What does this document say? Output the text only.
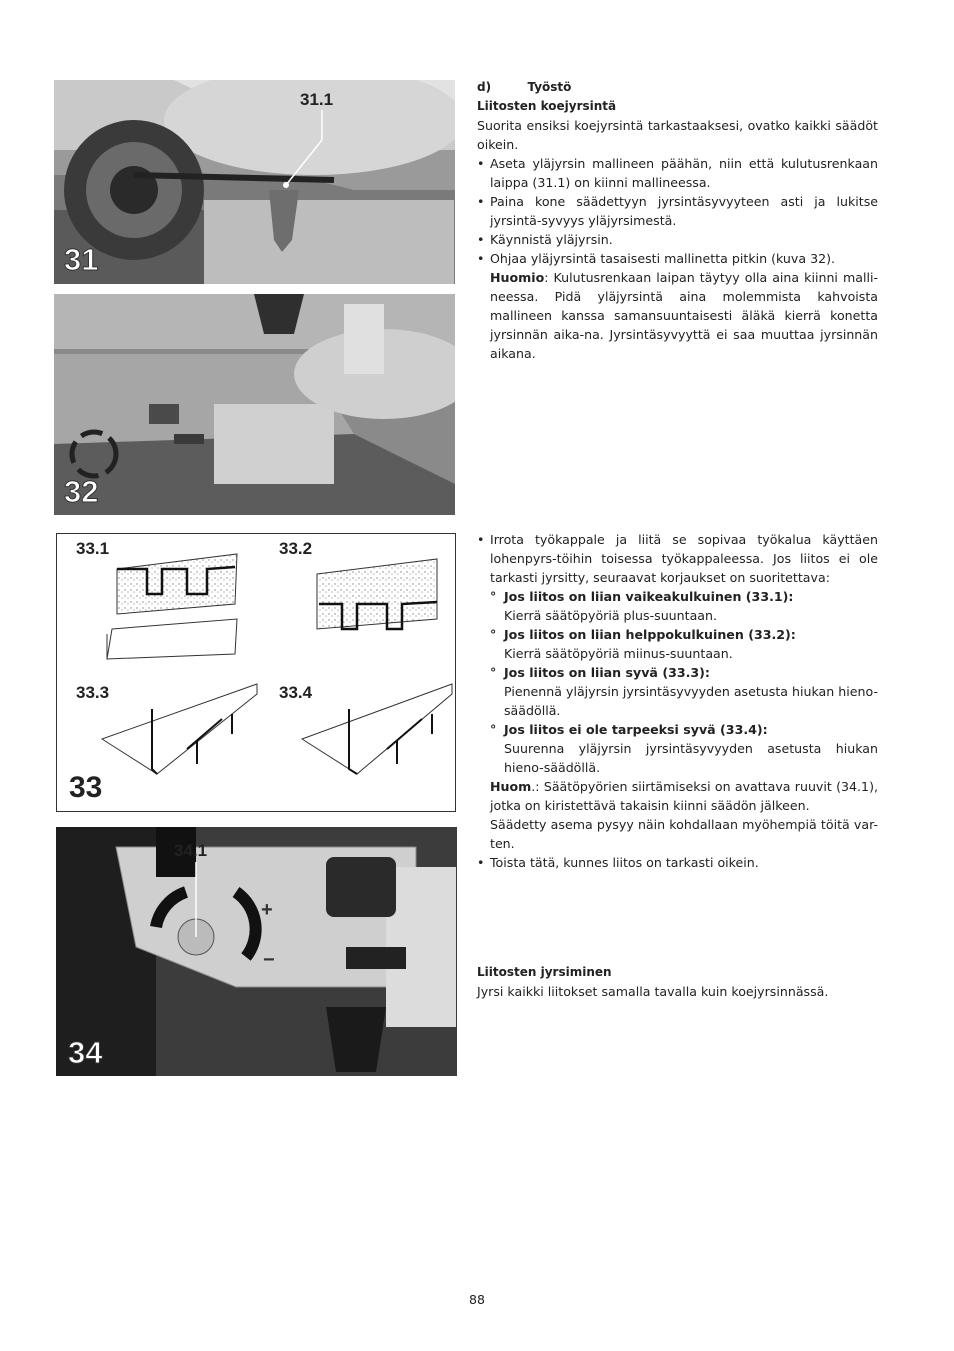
31.1
31
32
33.1	33.2
33.3	33.4
33
34.1
+
−
34

d)	Työstö

Liitosten koejyrsintä

Suorita ensiksi koejyrsintä tarkastaaksesi, ovatko kaikki säädöt oikein.

• Aseta yläjyrsin mallineen päähän, niin että kulutusrenkaan laippa (31.1) on kiinni mallineessa.

• Paina kone säädettyyn jyrsintäsyvyyteen asti ja lukitse jyrsintä-syvyys yläjyrsimestä.

• Käynnistä yläjyrsin.

• Ohjaa yläjyrsintä tasaisesti mallinetta pitkin (kuva 32).

Huomio: Kulutusrenkaan laipan täytyy olla aina kiinni malli-neessa. Pidä yläjyrsintä aina molemmista kahvoista mallineen kanssa samansuuntaisesti äläkä kierrä konetta jyrsinnän aika-na. Jyrsintäsyvyyttä ei saa muuttaa jyrsinnän aikana.

• Irrota työkappale ja liitä se sopivaa työkalua käyttäen lohenpyrs-töihin toisessa työkappaleessa. Jos liitos ei ole tarkasti jyrsitty, seuraavat korjaukset on suoritettava:

° Jos liitos on liian vaikeakulkuinen (33.1):

Kierrä säätöpyöriä plus-suuntaan.

° Jos liitos on liian helppokulkuinen (33.2):

Kierrä säätöpyöriä miinus-suuntaan.

° Jos liitos on liian syvä (33.3):

Pienennä yläjyrsin jyrsintäsyvyyden asetusta hiukan hieno-säädöllä.

° Jos liitos ei ole tarpeeksi syvä (33.4):

Suurenna yläjyrsin jyrsintäsyvyyden asetusta hiukan hieno-säädöllä.

Huom.: Säätöpyörien siirtämiseksi on avattava ruuvit (34.1), jotka on kiristettävä takaisin kiinni säädön jälkeen.

Säädetty asema pysyy näin kohdallaan myöhempiä töitä var-ten.

• Toista tätä, kunnes liitos on tarkasti oikein.

Liitosten jyrsiminen

Jyrsi kaikki liitokset samalla tavalla kuin koejyrsinnässä.

88
